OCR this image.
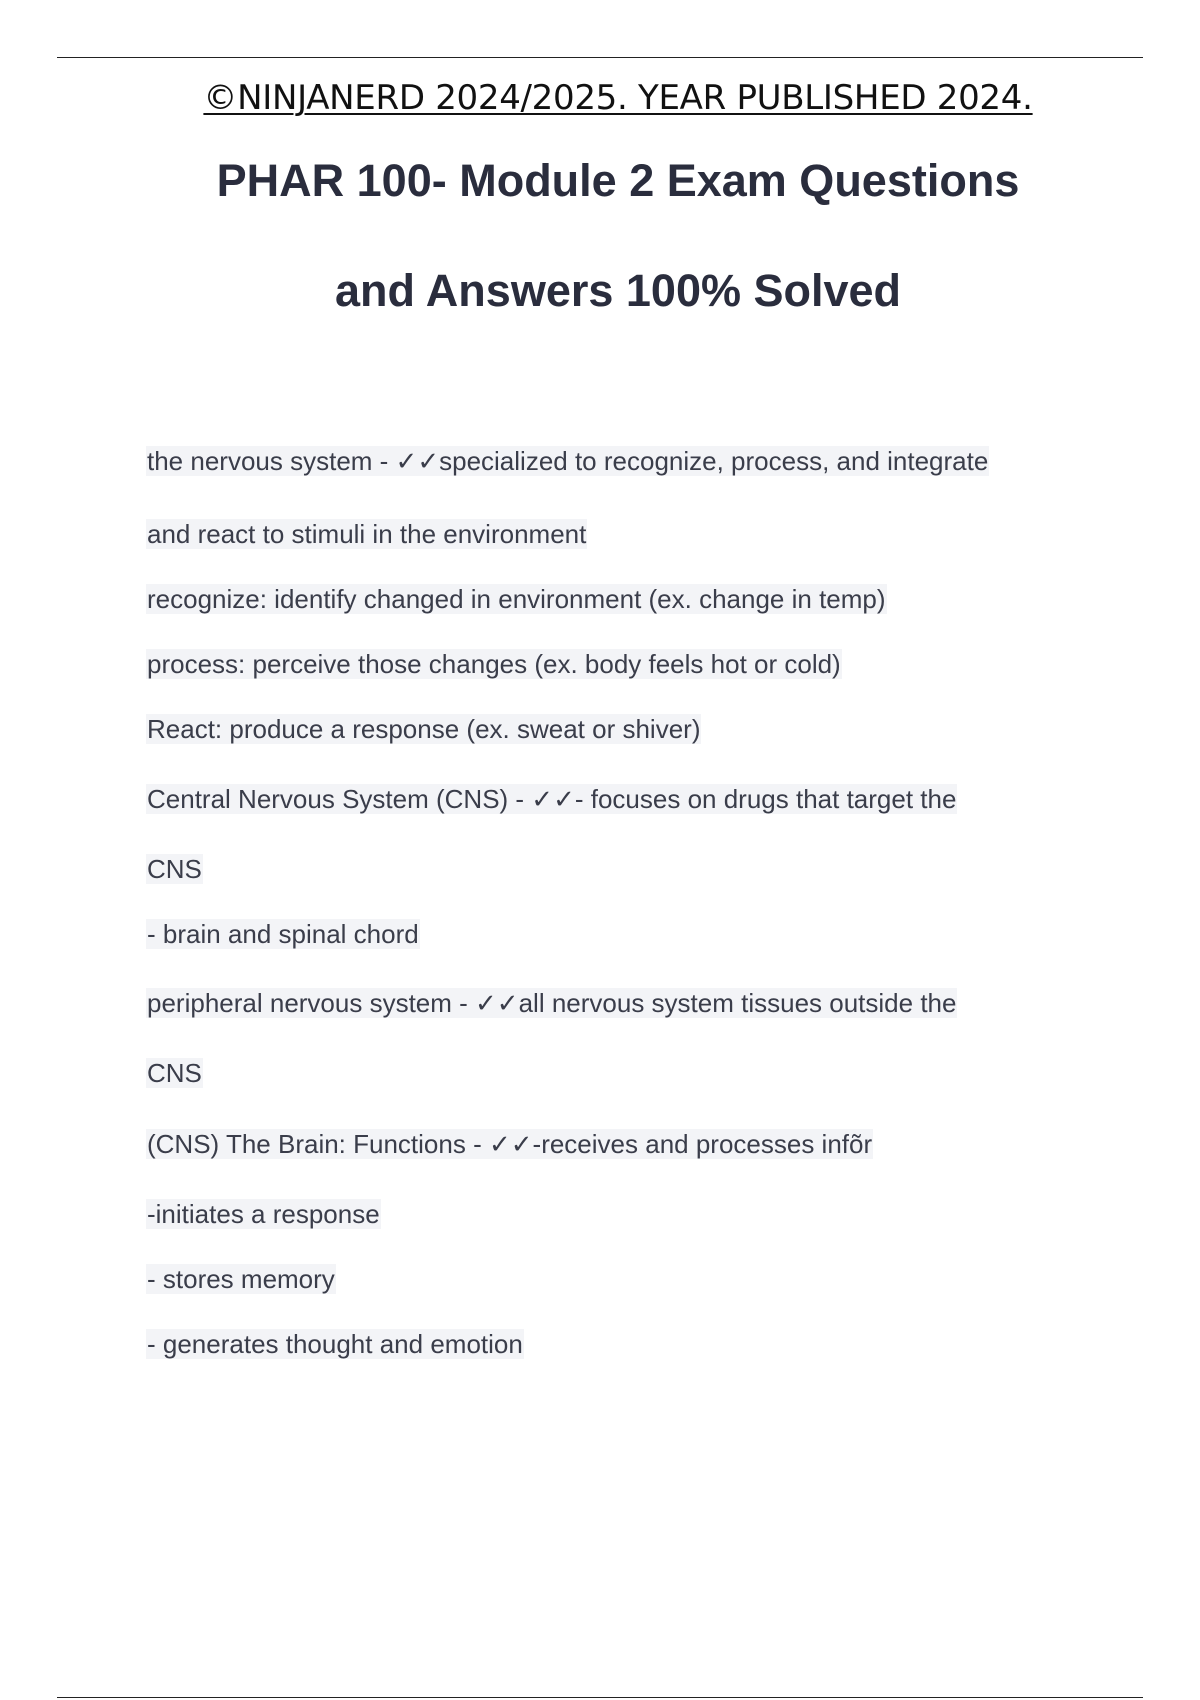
©NINJANERD 2024/2025. YEAR PUBLISHED 2024.
PHAR 100- Module 2 Exam Questions
and Answers 100% Solved
the nervous system - ✓✓specialized to recognize, process, and integrate
and react to stimuli in the environment
recognize: identify changed in environment (ex. change in temp)
process: perceive those changes (ex. body feels hot or cold)
React: produce a response (ex. sweat or shiver)
Central Nervous System (CNS) - ✓✓- focuses on drugs that target the
CNS
- brain and spinal chord
peripheral nervous system - ✓✓all nervous system tissues outside the
CNS
(CNS) The Brain: Functions - ✓✓-receives and processes infõr
-initiates a response
- stores memory
- generates thought and emotion
